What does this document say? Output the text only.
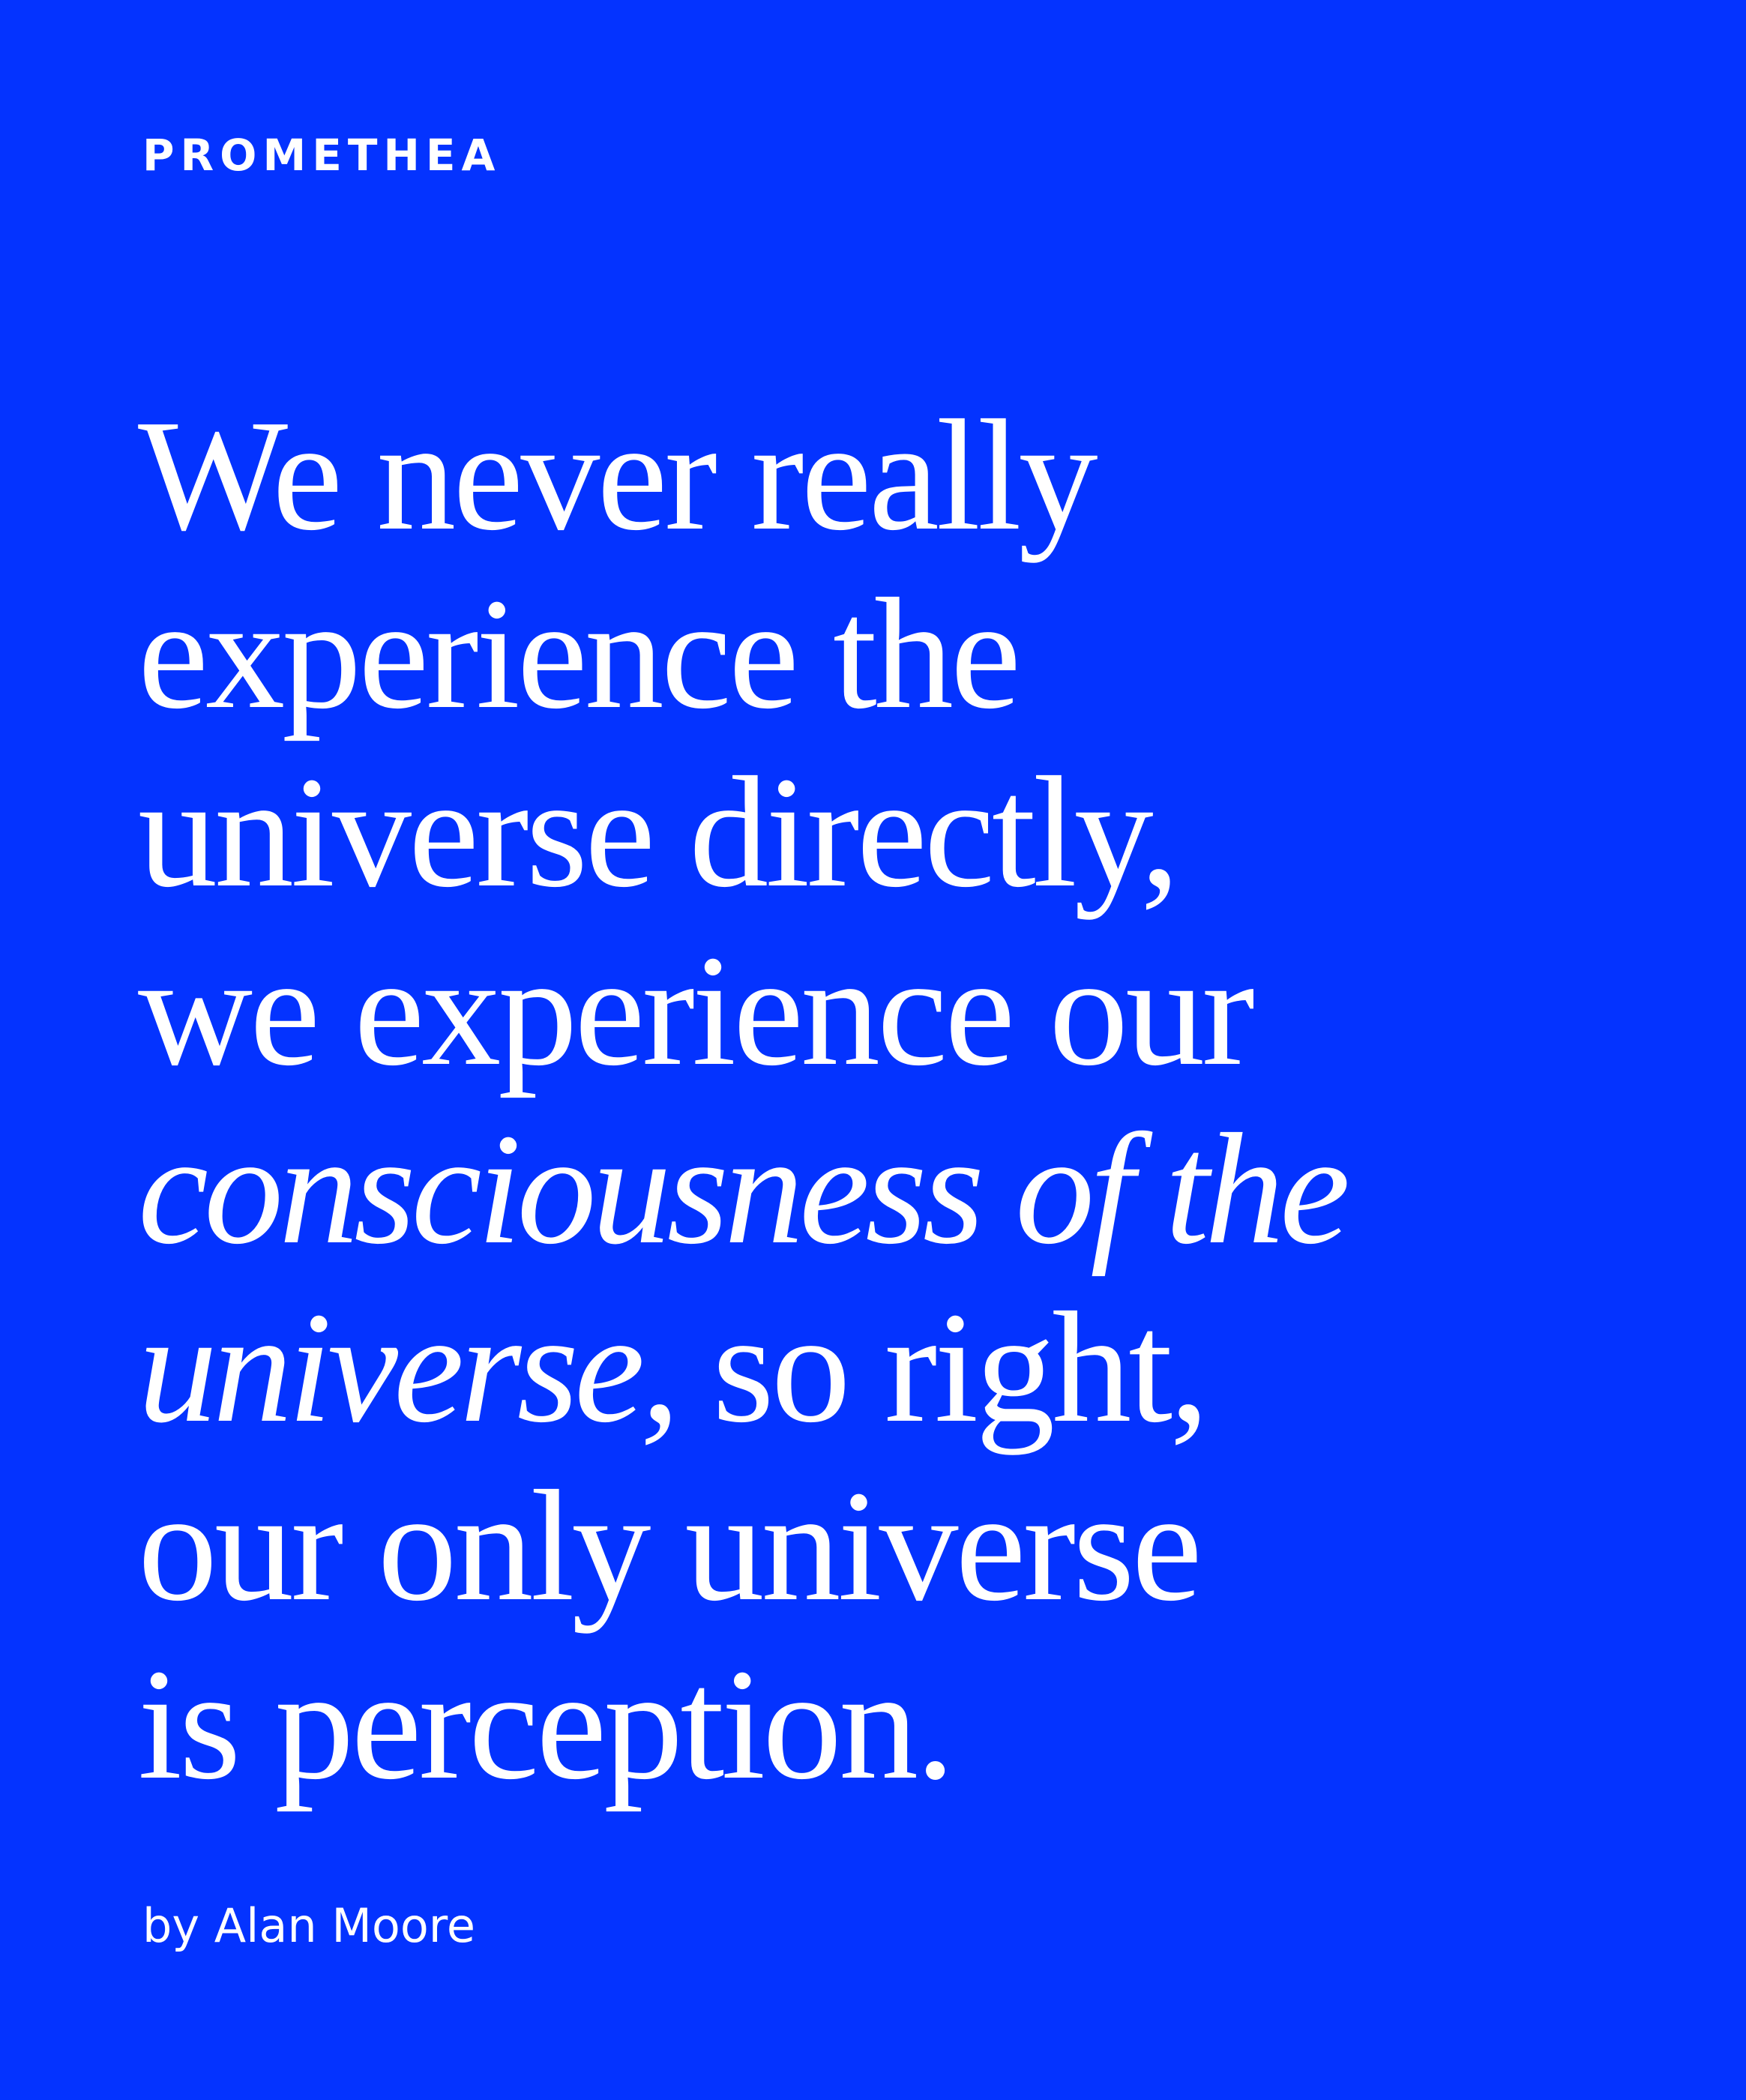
PROMETHEA
We never really
experience the
universe directly,
we experience our
consciousness of the
universe, so right,
our only universe
is perception.

by Alan Moore
